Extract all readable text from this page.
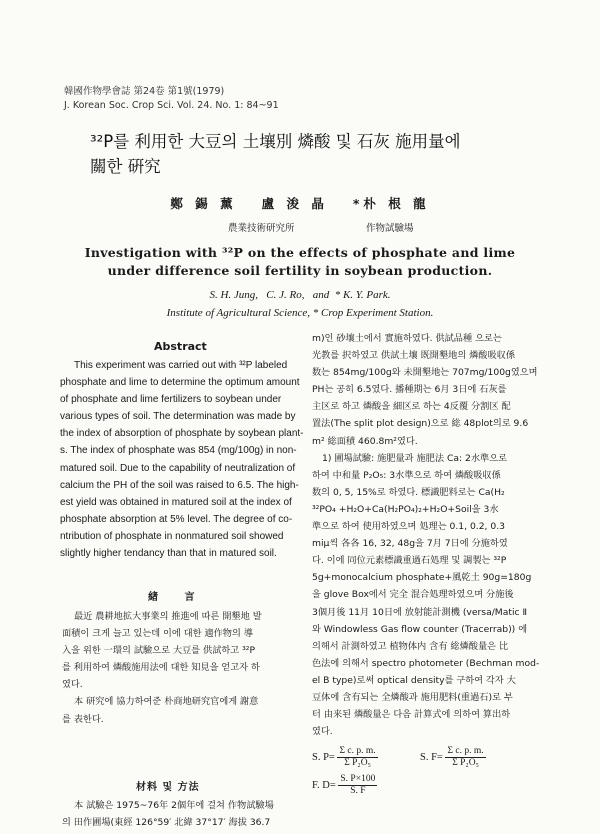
韓國作物學會誌 第24卷 第1號(1979)
J. Korean Soc. Crop Sci. Vol. 24. No. 1: 84~91
³²P를 利用한 大豆의 土壤別 燐酸 및 石灰 施用量에
關한 硏究
鄭 錫 薰   盧 浚 晶   *朴 根 龍
農業技術研究所	作物試驗場
Investigation with ³²P on the effects of phosphate and lime
under difference soil fertility in soybean production.
S. H. Jung,   C. J. Ro,   and  * K. Y. Park.
Institute of Agricultural Science, * Crop Experiment Station.
Abstract
This experiment was carried out with ³²P labeled
phosphate and lime to determine the optimum amount
of phosphate and lime fertilizers to soybean under
various types of soil. The determination was made by
the index of absorption of phosphate by soybean plant-
s. The index of phosphate was 854 (mg/100g) in non-
matured soil. Due to the capability of neutralization of
calcium the PH of the soil was raised to 6.5. The high-
est yield was obtained in matured soil at the index of
phosphate absorption at 5% level. The degree of co-
ntribution of phosphate in nonmatured soil showed
slightly higher tendancy than that in matured soil.
緖   言
最近 農耕地拡大事業의 推進에 따른 開墾地 발
面積이 크게 늘고 있는데 이에 대한 適作物의 導
入을 위한 一環의 試驗으로 大豆를 供試하고 ³²P
를 利用하여 燐酸施用法에 대한 知見을 얻고자 하
였다.
本 研究에 協力하여준 朴商地研究官에게 謝意
를 表한다.
材料 및 方法
本 試驗은 1975~76年 2個年에 걸쳐 作物試驗場
의 田作圃場(東經 126°59′ 北緯 37°17′ 海拔 36.7
m)인 砂壤土에서 實施하였다. 供試品種 으로는
光教를 択하였고 供試土壤 既開墾地의 燐酸吸収係
数는 854mg/100g와 未開墾地는 707mg/100g였으며
PH는 공히 6.5였다. 播種期는 6月 3日에 石灰를
主区로 하고 燐酸을 細区로 하는 4反覆 分割区 配
置法(The split plot design)으로 総 48plot의로 9.6
m² 総面積 460.8m²였다.
1) 圃場試驗: 施肥量과 施肥法 Ca: 2水準으로
하여 中和量 P₂O₅: 3水準으로 하여 燐酸吸収係
数의 0, 5, 15%로 하였다. 標識肥料로는 Ca(H₂
³²PO₄ +H₂O+Ca(H₂PO₄)₂+H₂O+Soil을 3水
準으로 하여 使用하였으며 処理는 0.1, 0.2, 0.3
miμ씩 各各 16, 32, 48g을 7月 7日에 分施하였
다. 이에 同位元素標識重過石処理 및 調製는 ³²P
5g+monocalcium phosphate+風乾土 90g=180g
을 glove Box에서 完全 混合処理하였으며 分施後
3個月後 11月 10日에 放射能計測機 (versa/Matic Ⅱ
와 Windowless Gas flow counter (Tracerrab)) 에
의해서 計測하였고 植物体内 含有 総燐酸量은 比
色法에 의해서 spectro photometer (Bechman mod-
el B type)로써 optical density를 구하여 각자 大
豆体에 含有되는 全燐酸과 施用肥料(重過石)로 부
터 由来된 燐酸量은 다음 計算式에 의하여 算出하
였다.
S. $P= \frac{\text{Σ c. p. m.}}{\text{Σ P₂O₅}}$	S. $F= \frac{\text{Σ c. p. m.}}{\text{Σ P₂O₅}}$
F. $D= \frac{S. P\times 100}{S. F}$
